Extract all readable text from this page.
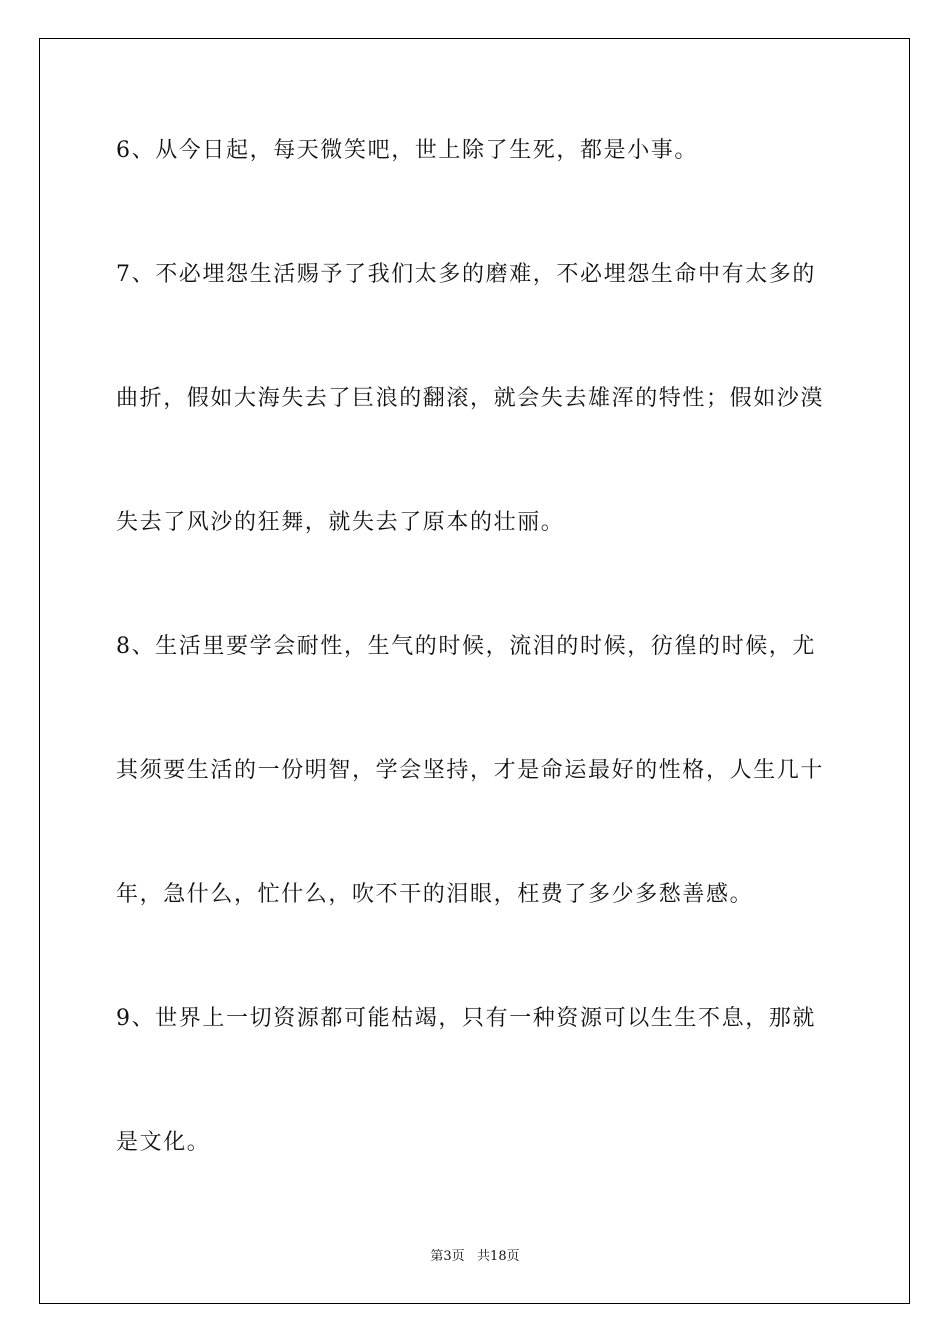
6、从今日起，每天微笑吧，世上除了生死，都是小事。
7、不必埋怨生活赐予了我们太多的磨难，不必埋怨生命中有太多的
曲折，假如大海失去了巨浪的翻滚，就会失去雄浑的特性；假如沙漠
失去了风沙的狂舞，就失去了原本的壮丽。
8、生活里要学会耐性，生气的时候，流泪的时候，彷徨的时候，尤
其须要生活的一份明智，学会坚持，才是命运最好的性格，人生几十
年，急什么，忙什么，吹不干的泪眼，枉费了多少多愁善感。
9、世界上一切资源都可能枯竭，只有一种资源可以生生不息，那就
是文化。
第3页   共18页
